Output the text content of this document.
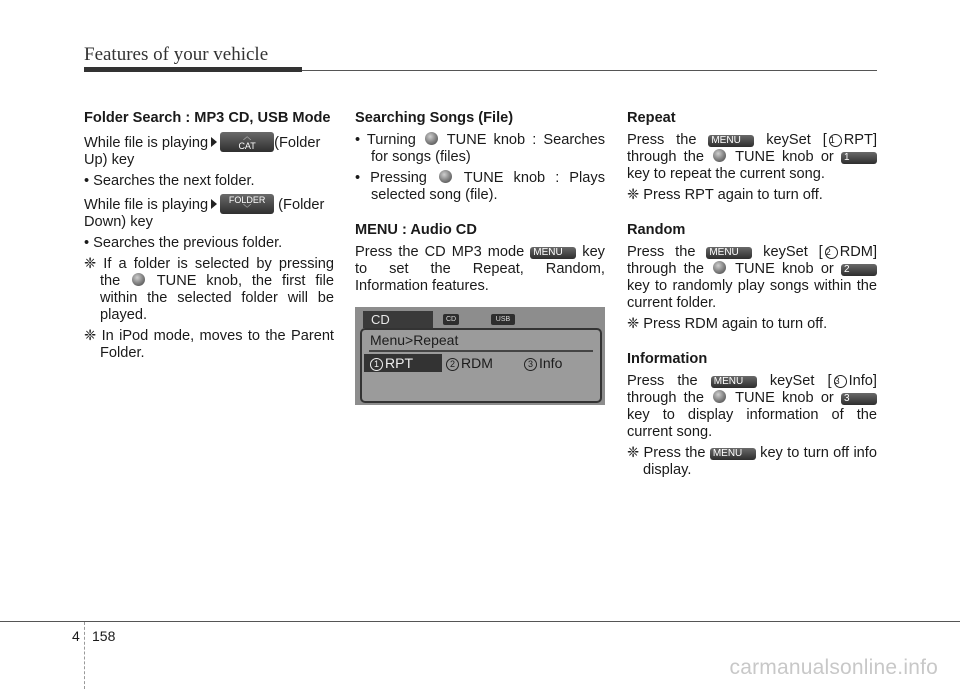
Features of your vehicle

Folder Search : MP3 CD, USB Mode

While file is playing	︿
CAT	(Folder Up) key

• Searches the next folder.

While file is playing	FOLDER
﹀	(Folder Down) key

• Searches the previous folder.

❈ If a folder is selected by pressing the TUNE knob, the first file within the selected folder will be played.

❈ In iPod mode, moves to the Parent Folder.

Searching Songs (File)

• Turning TUNE knob : Searches for songs (files)

• Pressing	TUNE knob : Plays selected song (file).

MENU : Audio CD

Press the CD MP3 mode MENU key to set the Repeat, Random, Information features.

CD	CD	USB
Menu>Repeat
1 RPT	2 RDM	3 Info

Repeat

Press the MENU keySet [ 1 RPT] through the TUNE knob or 1 key to repeat the current song.

❈ Press RPT again to turn off.

Random

Press the MENU keySet [ 2 RDM] through the TUNE knob or 2 key to randomly play songs within the current folder.

❈ Press RDM again to turn off.

Information

Press the MENU keySet [ 3 Info] through the TUNE knob or 3 key to display information of the current song.

❈ Press the MENU key to turn off info display.

4 158
carmanualsonline.info
